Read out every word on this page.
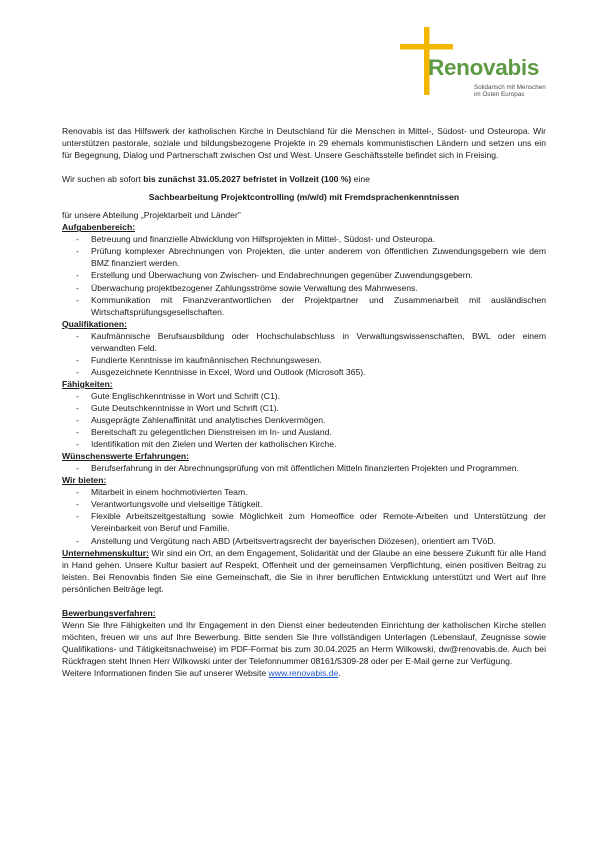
Renovabis
Solidarisch mit Menschen
im Osten Europas

Renovabis ist das Hilfswerk der katholischen Kirche in Deutschland für die Menschen in Mittel-, Südost- und Osteuropa. Wir unterstützen pastorale, soziale und bildungsbezogene Projekte in 29 ehemals kommunistischen Ländern und setzen uns ein für Begegnung, Dialog und Partnerschaft zwischen Ost und West. Unsere Geschäftsstelle befindet sich in Freising.

Wir suchen ab sofort bis zunächst 31.05.2027 befristet in Vollzeit (100 %) eine

Sachbearbeitung Projektcontrolling (m/w/d) mit Fremdsprachenkenntnissen

für unsere Abteilung „Projektarbeit und Länder"

Aufgabenbereich:

- Betreuung und finanzielle Abwicklung von Hilfsprojekten in Mittel-, Südost- und Osteuropa.
- Prüfung komplexer Abrechnungen von Projekten, die unter anderem von öffentlichen Zuwendungsgebern wie dem BMZ finanziert werden.
- Erstellung und Überwachung von Zwischen- und Endabrechnungen gegenüber Zuwendungsgebern.
- Überwachung projektbezogener Zahlungsströme sowie Verwaltung des Mahnwesens.
- Kommunikation mit Finanzverantwortlichen der Projektpartner und Zusammenarbeit mit ausländischen Wirtschaftsprüfungsgesellschaften.

Qualifikationen:

- Kaufmännische Berufsausbildung oder Hochschulabschluss in Verwaltungswissenschaften, BWL oder einem verwandten Feld.
- Fundierte Kenntnisse im kaufmännischen Rechnungswesen.
- Ausgezeichnete Kenntnisse in Excel, Word und Outlook (Microsoft 365).

Fähigkeiten:

- Gute Englischkenntnisse in Wort und Schrift (C1).
- Gute Deutschkenntnisse in Wort und Schrift (C1).
- Ausgeprägte Zahlenaffinität und analytisches Denkvermögen.
- Bereitschaft zu gelegentlichen Dienstreisen im In- und Ausland.
- Identifikation mit den Zielen und Werten der katholischen Kirche.

Wünschenswerte Erfahrungen:

- Berufserfahrung in der Abrechnungsprüfung von mit öffentlichen Mitteln finanzierten Projekten und Programmen.

Wir bieten:

- Mitarbeit in einem hochmotivierten Team.
- Verantwortungsvolle und vielseitige Tätigkeit.
- Flexible Arbeitszeitgestaltung sowie Möglichkeit zum Homeoffice oder Remote-Arbeiten und Unterstützung der Vereinbarkeit von Beruf und Familie.
- Anstellung und Vergütung nach ABD (Arbeitsvertragsrecht der bayerischen Diözesen), orientiert am TVöD.

Unternehmenskultur: Wir sind ein Ort, an dem Engagement, Solidarität und der Glaube an eine bessere Zukunft für alle Hand in Hand gehen. Unsere Kultur basiert auf Respekt, Offenheit und der gemeinsamen Verpflichtung, einen positiven Beitrag zu leisten. Bei Renovabis finden Sie eine Gemeinschaft, die Sie in ihrer beruflichen Entwicklung unterstützt und Wert auf Ihre persönlichen Beiträge legt.

Bewerbungsverfahren:

Wenn Sie Ihre Fähigkeiten und Ihr Engagement in den Dienst einer bedeutenden Einrichtung der katholischen Kirche stellen möchten, freuen wir uns auf Ihre Bewerbung. Bitte senden Sie Ihre vollständigen Unterlagen (Lebenslauf, Zeugnisse sowie Qualifikations- und Tätigkeitsnachweise) im PDF-Format bis zum 30.04.2025 an Herrn Wilkowski, dw@renovabis.de. Auch bei Rückfragen steht Ihnen Herr Wilkowski unter der Telefonnummer 08161/5309-28 oder per E-Mail gerne zur Verfügung.

Weitere Informationen finden Sie auf unserer Website www.renovabis.de.
